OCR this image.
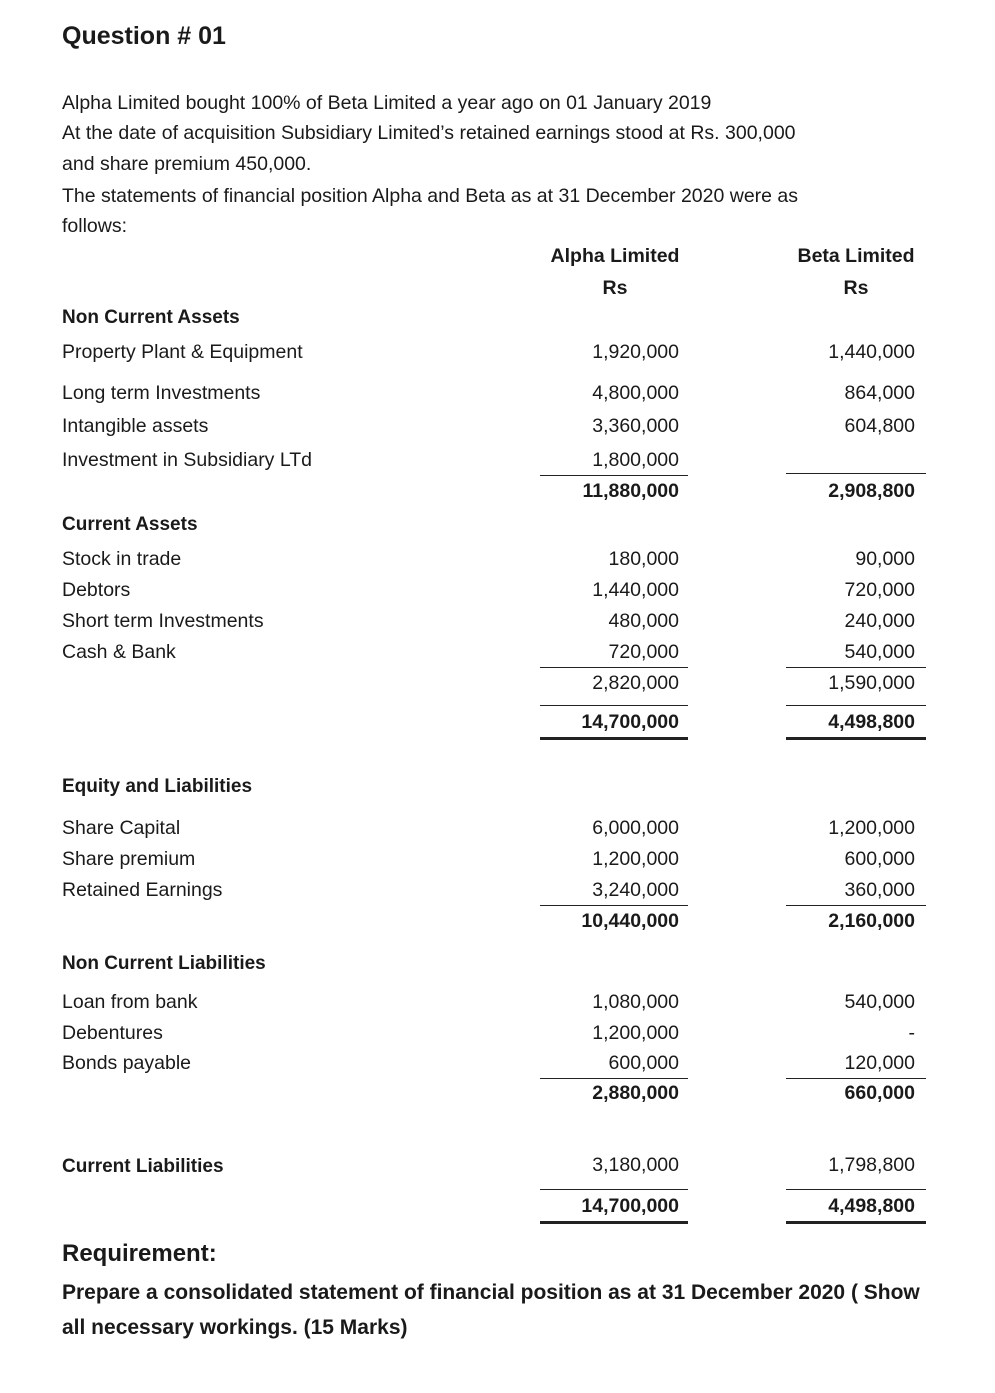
Question # 01
Alpha Limited bought 100% of Beta Limited a year ago on 01 January 2019
At the date of acquisition Subsidiary Limited’s retained earnings stood at Rs. 300,000
and share premium 450,000.
The statements of financial position Alpha and Beta as at 31 December 2020 were as
follows:
Alpha Limited
Rs
Beta Limited
Rs
Non Current Assets
Property Plant & Equipment	1,920,000	1,440,000
Long term Investments	4,800,000	864,000
Intangible assets	3,360,000	604,800
Investment in Subsidiary LTd	1,800,000
11,880,000	2,908,800
Current Assets
Stock in trade	180,000	90,000
Debtors	1,440,000	720,000
Short term Investments	480,000	240,000
Cash & Bank	720,000	540,000
2,820,000	1,590,000
14,700,000	4,498,800
Equity and Liabilities
Share Capital	6,000,000	1,200,000
Share premium	1,200,000	600,000
Retained Earnings	3,240,000	360,000
10,440,000	2,160,000
Non Current Liabilities
Loan from bank	1,080,000	540,000
Debentures	1,200,000	-
Bonds payable	600,000	120,000
2,880,000	660,000
Current Liabilities	3,180,000	1,798,800
14,700,000	4,498,800
Requirement:
Prepare a consolidated statement of financial position as at 31 December 2020 ( Show
all necessary workings. (15 Marks)
